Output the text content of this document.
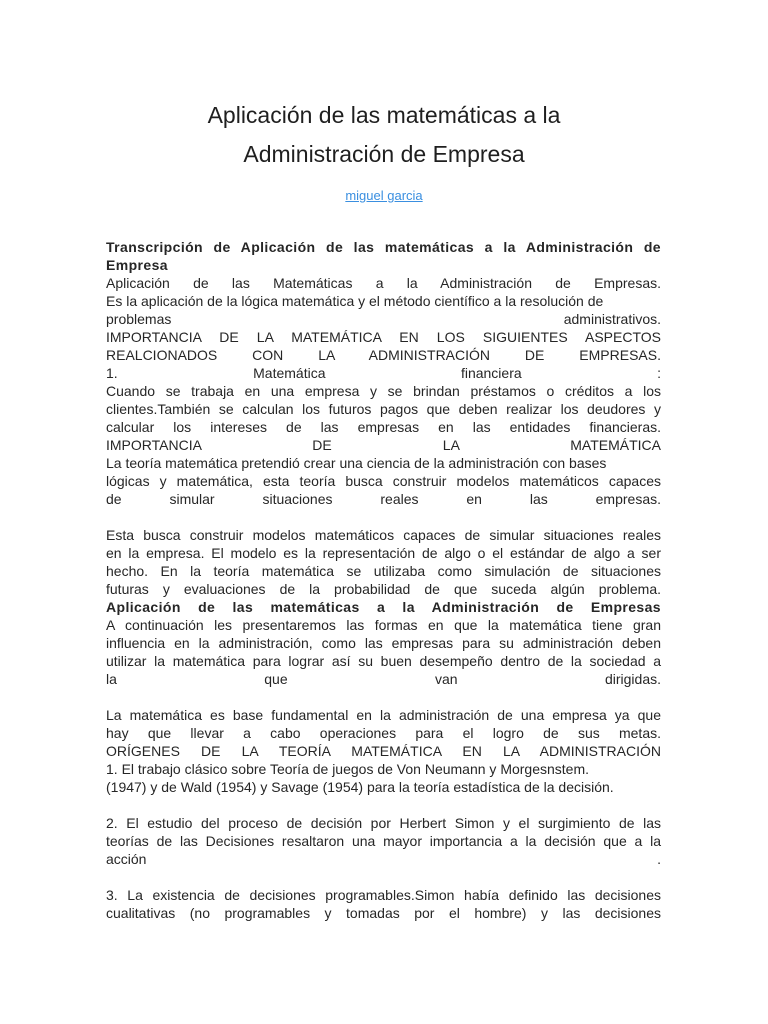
Aplicación de las matemáticas a la
Administración de Empresa
miguel garcia

Transcripción de Aplicación de las matemáticas a la Administración de

Empresa

Aplicación de las Matemáticas a la Administración de Empresas.

Es la aplicación de la lógica matemática y el método científico a la resolución de

problemas administrativos.

IMPORTANCIA DE LA MATEMÁTICA EN LOS SIGUIENTES ASPECTOS

REALCIONADOS CON LA ADMINISTRACIÓN DE EMPRESAS.

1. Matemática financiera :

Cuando se trabaja en una empresa y se brindan préstamos o créditos a los

clientes.También se calculan los futuros pagos que deben realizar los deudores y

calcular los intereses de las empresas en las entidades financieras.

IMPORTANCIA DE LA MATEMÁTICA

La teoría matemática pretendió crear una ciencia de la administración con bases

lógicas y matemática, esta teoría busca construir modelos matemáticos capaces

de simular situaciones reales en las empresas.

Esta busca construir modelos matemáticos capaces de simular situaciones reales

en la empresa. El modelo es la representación de algo o el estándar de algo a ser

hecho. En la teoría matemática se utilizaba como simulación de situaciones

futuras y evaluaciones de la probabilidad de que suceda algún problema.

Aplicación de las matemáticas a la Administración de Empresas

A continuación les presentaremos las formas en que la matemática tiene gran

influencia en la administración, como las empresas para su administración deben

utilizar la matemática para lograr así su buen desempeño dentro de la sociedad a

la que van dirigidas.

La matemática es base fundamental en la administración de una empresa ya que

hay que llevar a cabo operaciones para el logro de sus metas.

ORÍGENES DE LA TEORÍA MATEMÁTICA EN LA ADMINISTRACIÓN

1. El trabajo clásico sobre Teoría de juegos de Von Neumann y Morgesnstem.

(1947) y de Wald (1954) y Savage (1954) para la teoría estadística de la decisión.

2. El estudio del proceso de decisión por Herbert Simon y el surgimiento de las

teorías de las Decisiones resaltaron una mayor importancia a la decisión que a la

acción .

3. La existencia de decisiones programables.Simon había definido las decisiones

cualitativas (no programables y tomadas por el hombre) y las decisiones
